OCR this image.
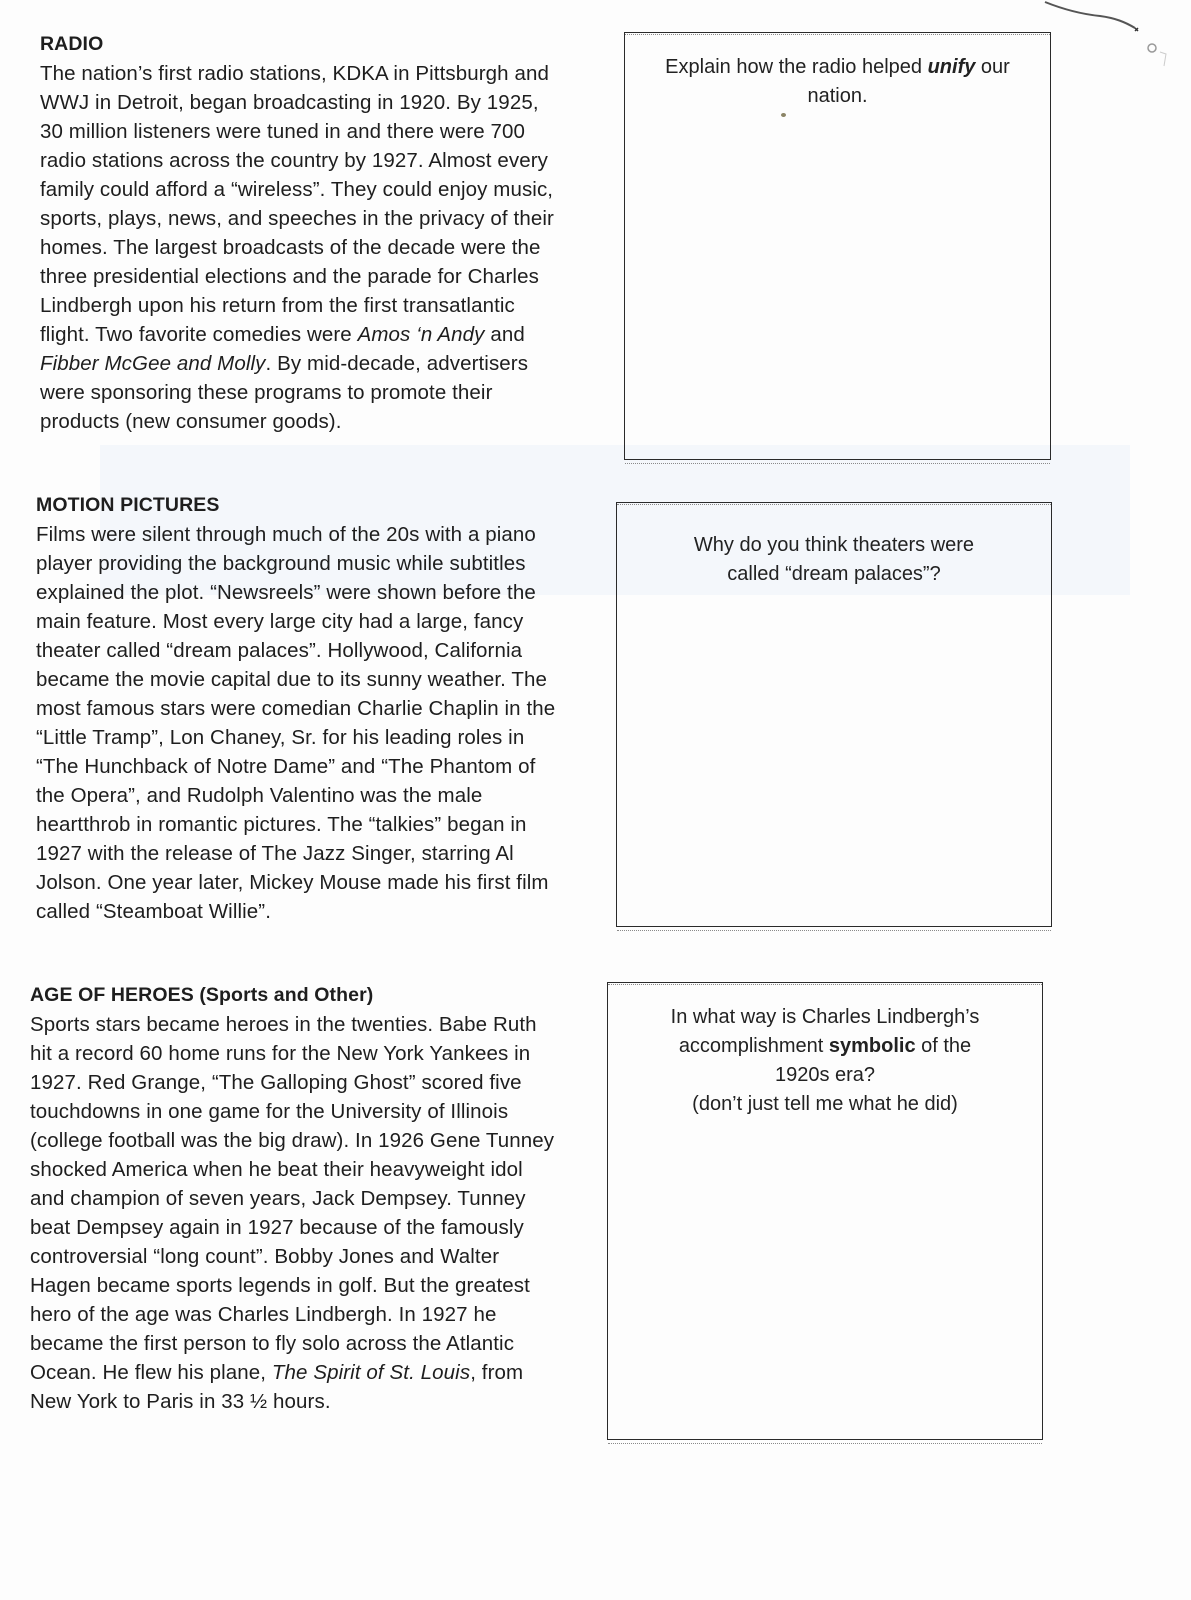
RADIO
The nation’s first radio stations, KDKA in Pittsburgh and
WWJ in Detroit, began broadcasting in 1920. By 1925,
30 million listeners were tuned in and there were 700
radio stations across the country by 1927. Almost every
family could afford a “wireless”. They could enjoy music,
sports, plays, news, and speeches in the privacy of their
homes. The largest broadcasts of the decade were the
three presidential elections and the parade for Charles
Lindbergh upon his return from the first transatlantic
flight. Two favorite comedies were Amos ‘n Andy and
Fibber McGee and Molly. By mid-decade, advertisers
were sponsoring these programs to promote their
products (new consumer goods).
Explain how the radio helped unify our
nation.
MOTION PICTURES
Films were silent through much of the 20s with a piano
player providing the background music while subtitles
explained the plot. “Newsreels” were shown before the
main feature. Most every large city had a large, fancy
theater called “dream palaces”. Hollywood, California
became the movie capital due to its sunny weather. The
most famous stars were comedian Charlie Chaplin in the
“Little Tramp”, Lon Chaney, Sr. for his leading roles in
“The Hunchback of Notre Dame” and “The Phantom of
the Opera”, and Rudolph Valentino was the male
heartthrob in romantic pictures. The “talkies” began in
1927 with the release of The Jazz Singer, starring Al
Jolson. One year later, Mickey Mouse made his first film
called “Steamboat Willie”.
Why do you think theaters were
called “dream palaces”?
AGE OF HEROES (Sports and Other)
Sports stars became heroes in the twenties. Babe Ruth
hit a record 60 home runs for the New York Yankees in
1927. Red Grange, “The Galloping Ghost” scored five
touchdowns in one game for the University of Illinois
(college football was the big draw). In 1926 Gene Tunney
shocked America when he beat their heavyweight idol
and champion of seven years, Jack Dempsey. Tunney
beat Dempsey again in 1927 because of the famously
controversial “long count”. Bobby Jones and Walter
Hagen became sports legends in golf. But the greatest
hero of the age was Charles Lindbergh. In 1927 he
became the first person to fly solo across the Atlantic
Ocean. He flew his plane, The Spirit of St. Louis, from
New York to Paris in 33 ½ hours.
In what way is Charles Lindbergh’s
accomplishment symbolic of the
1920s era?
(don’t just tell me what he did)
